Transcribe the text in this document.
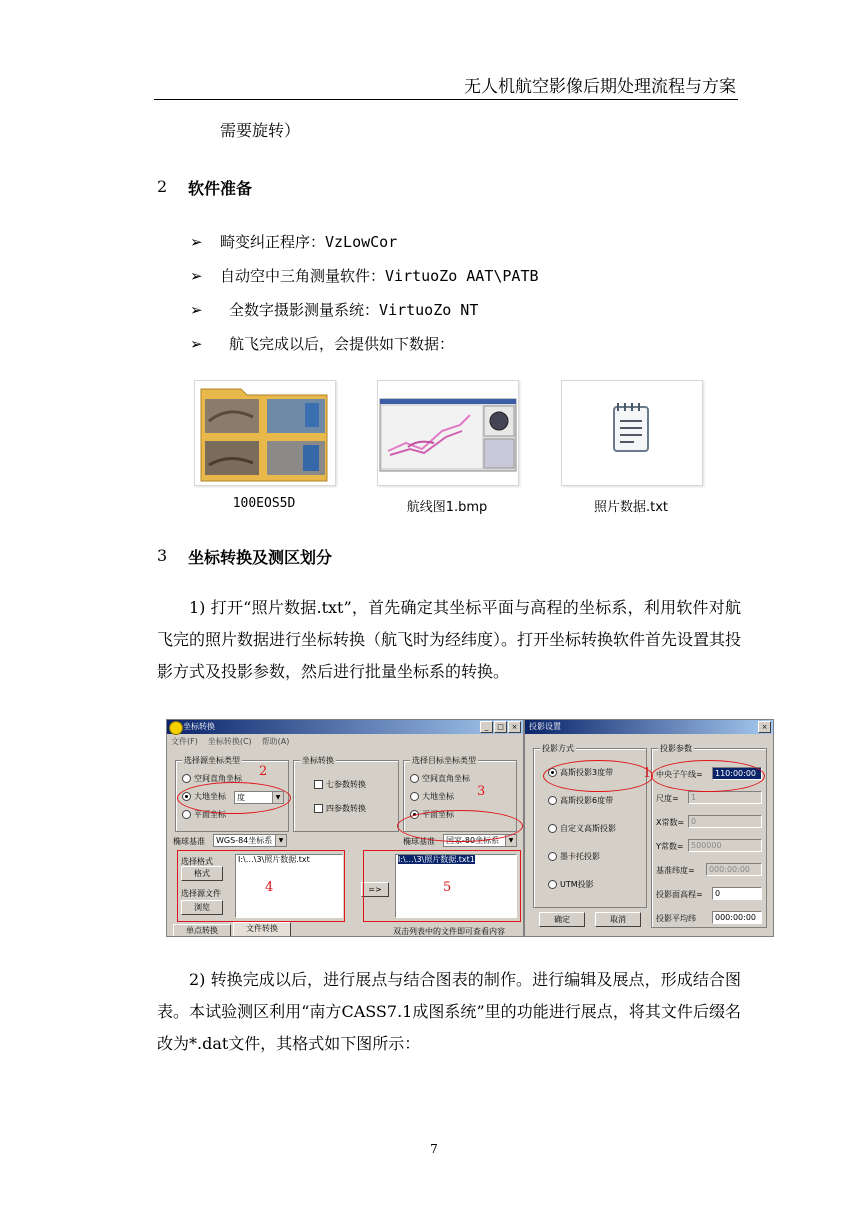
无人机航空影像后期处理流程与方案
需要旋转）
2 软件准备
➢ 畸变纠正程序：VzLowCor
➢ 自动空中三角测量软件：VirtuoZo AAT\PATB
➢ 全数字摄影测量系统：VirtuoZo NT
➢ 航飞完成以后，会提供如下数据：
100EOS5D	航线图1.bmp	照片数据.txt
3 坐标转换及测区划分
1) 打开“照片数据.txt”，首先确定其坐标平面与高程的坐标系，利用软件对航飞完的照片数据进行坐标转换（航飞时为经纬度）。打开坐标转换软件首先设置其投影方式及投影参数，然后进行批量坐标系的转换。
坐标转换	_	□	×
文件(F) 坐标转换(C) 帮助(A)
选择源坐标类型
空间直角坐标
大地坐标	度	▼
平面坐标
坐标转换
七参数转换
四参数转换
选择目标坐标类型
空间直角坐标
大地坐标
平面坐标
椭球基准	WGS-84坐标系	▼	椭球基准	国家-80坐标系	▼
选择格式
格式
选择源文件
浏览
I:\…\3\照片数据.txt
=>
I:\…\3\照片数据.txt1
单点转换	文件转换	双击列表中的文件即可查看内容
2
3
4	5
投影设置	×
投影方式
高斯投影3度带
高斯投影6度带
自定义高斯投影
墨卡托投影
UTM投影
投影参数
中央子午线=	110:00:00
尺度=	1
X常数= 0
Y常数= 500000
基准纬度=	000:00:00
投影面高程=	0
投影平均纬	000:00:00
确定	取消
1
2) 转换完成以后，进行展点与结合图表的制作。进行编辑及展点，形成结合图表。本试验测区利用“南方CASS7.1成图系统”里的功能进行展点，将其文件后缀名改为*.dat文件，其格式如下图所示：
7
